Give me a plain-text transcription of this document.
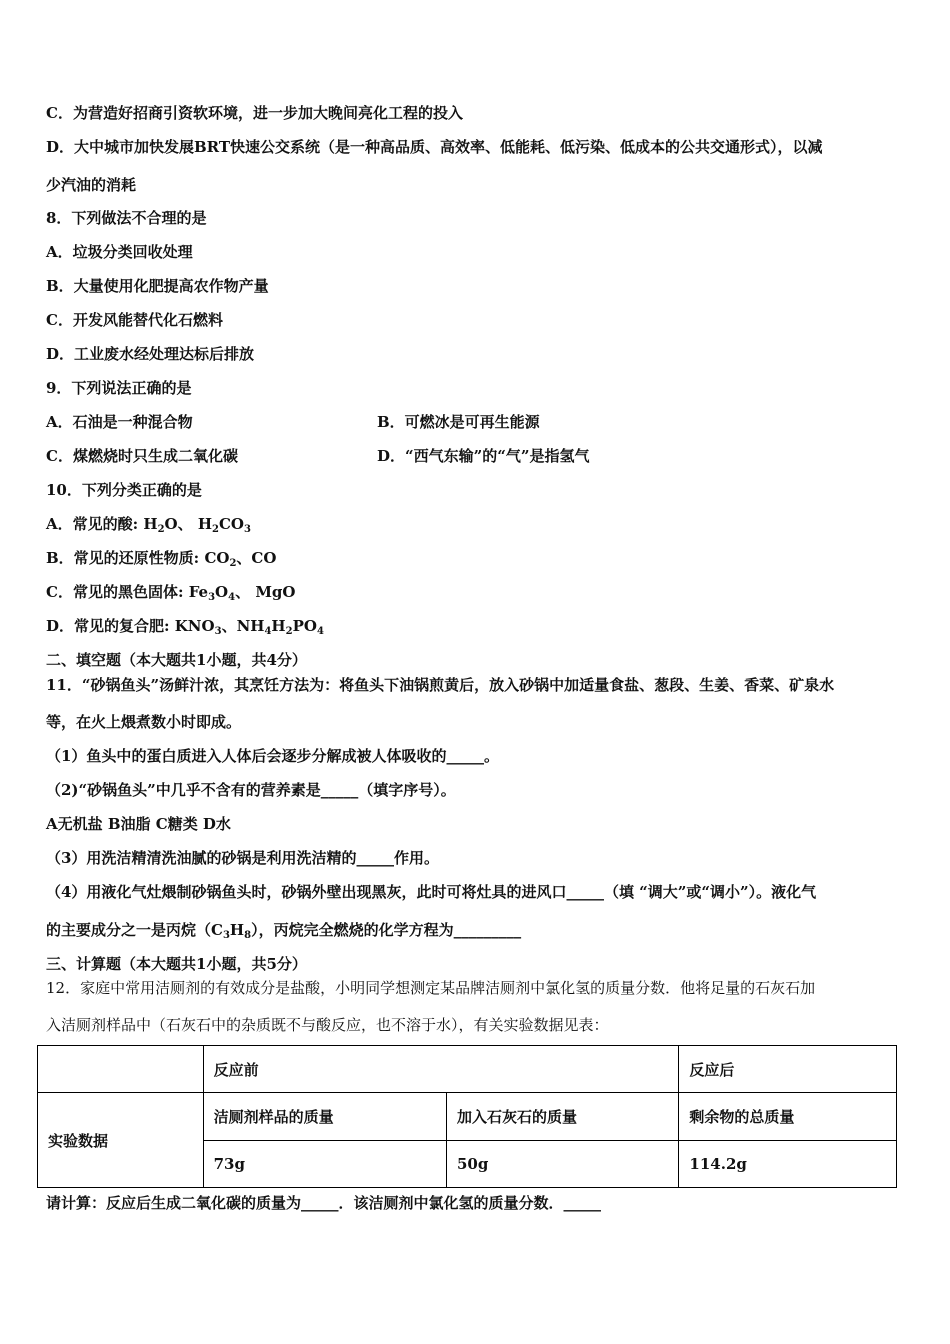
C．为营造好招商引资软环境，进一步加大晚间亮化工程的投入
D．大中城市加快发展BRT快速公交系统（是一种高品质、高效率、低能耗、低污染、低成本的公共交通形式），以减
少汽油的消耗
8．下列做法不合理的是
A．垃圾分类回收处理
B．大量使用化肥提高农作物产量
C．开发风能替代化石燃料
D．工业废水经处理达标后排放
9．下列说法正确的是
A．石油是一种混合物	B．可燃冰是可再生能源
C．煤燃烧时只生成二氧化碳	D．“西气东输”的“气”是指氢气
10．下列分类正确的是
A．常见的酸: $H_2O$、 $H_2CO_3$
B．常见的还原性物质: $CO_2$、CO
C．常见的黑色固体: $Fe_3O_4$、 MgO
D．常见的复合肥: $KNO_3$、$NH_4H_2PO_4$
二、填空题（本大题共1小题，共4分）
11．“砂锅鱼头”汤鲜汁浓，其烹饪方法为：将鱼头下油锅煎黄后，放入砂锅中加适量食盐、葱段、生姜、香菜、矿泉水
等，在火上煨煮数小时即成。
（1）鱼头中的蛋白质进入人体后会逐步分解成被人体吸收的_____。
（2)“砂锅鱼头”中几乎不含有的营养素是_____（填字序号）。
A无机盐 B油脂 C糖类 D水
（3）用洗洁精清洗油腻的砂锅是利用洗洁精的_____作用。
（4）用液化气灶煨制砂锅鱼头时，砂锅外壁出现黑灰，此时可将灶具的进风口_____（填 “调大”或“调小”）。液化气
的主要成分之一是丙烷$(C_3H_8)$，丙烷完全燃烧的化学方程为_________
三、计算题（本大题共1小题，共5分）
12．家庭中常用洁厕剂的有效成分是盐酸，小明同学想测定某品牌洁厕剂中氯化氢的质量分数．他将足量的石灰石加
入洁厕剂样品中（石灰石中的杂质既不与酸反应，也不溶于水），有关实验数据见表：
	反应前		反应后
实验数据	洁厕剂样品的质量	加入石灰石的质量	剩余物的总质量
	73g	50g	114.2g
请计算：反应后生成二氧化碳的质量为_____．该洁厕剂中氯化氢的质量分数．_____
